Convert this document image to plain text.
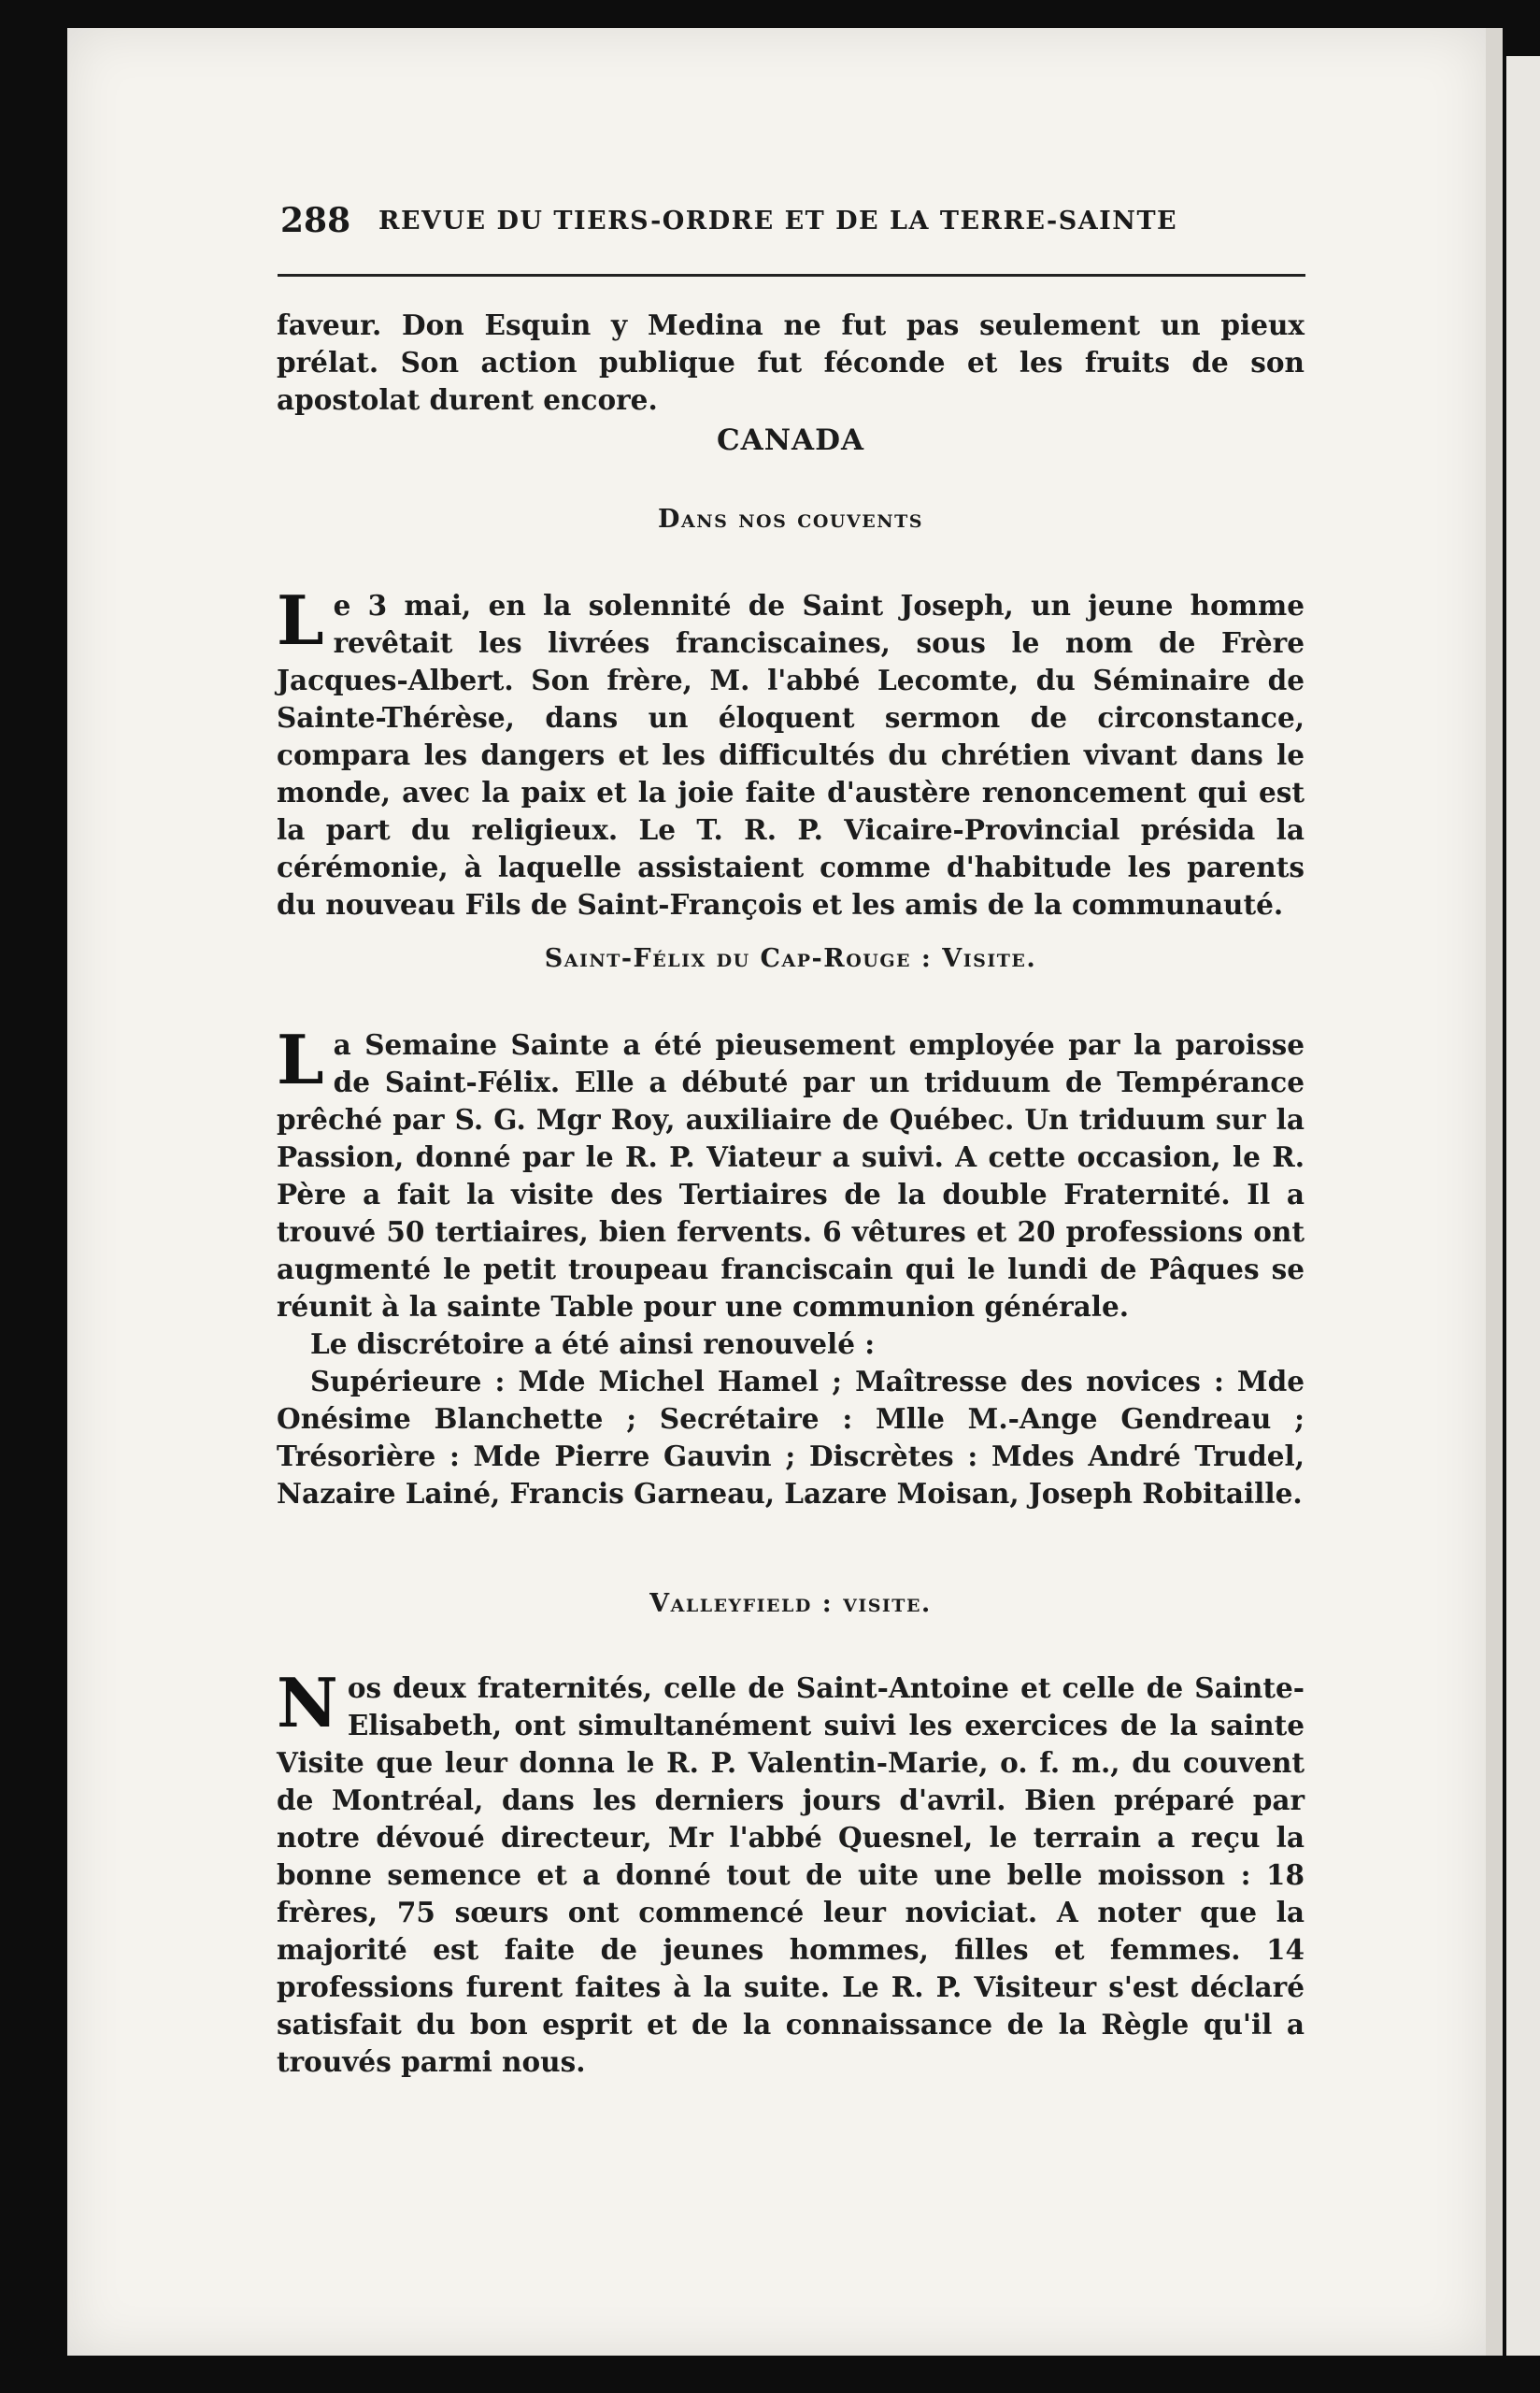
288 REVUE DU TIERS-ORDRE ET DE LA TERRE-SAINTE

faveur. Don Esquin y Medina ne fut pas seulement un pieux prélat. Son action publique fut féconde et les fruits de son apostolat durent encore.

CANADA
Dans nos couvents

Le 3 mai, en la solennité de Saint Joseph, un jeune homme revêtait les livrées franciscaines, sous le nom de Frère Jacques-Albert. Son frère, M. l'abbé Lecomte, du Séminaire de Sainte-Thérèse, dans un éloquent sermon de circonstance, compara les dangers et les difficultés du chrétien vivant dans le monde, avec la paix et la joie faite d'austère renoncement qui est la part du religieux. Le T. R. P. Vicaire-Provincial présida la cérémonie, à laquelle assistaient comme d'habitude les parents du nouveau Fils de Saint-François et les amis de la communauté.

Saint-Félix du Cap-Rouge : Visite.

La Semaine Sainte a été pieusement employée par la paroisse de Saint-Félix. Elle a débuté par un triduum de Tempérance prêché par S. G. Mgr Roy, auxiliaire de Québec. Un triduum sur la Passion, donné par le R. P. Viateur a suivi. A cette occasion, le R. Père a fait la visite des Tertiaires de la double Fraternité. Il a trouvé 50 tertiaires, bien fervents. 6 vêtures et 20 professions ont augmenté le petit troupeau franciscain qui le lundi de Pâques se réunit à la sainte Table pour une communion générale.

Le discrétoire a été ainsi renouvelé :

Supérieure : Mde Michel Hamel ; Maîtresse des novices : Mde Onésime Blanchette ; Secrétaire : Mlle M.-Ange Gendreau ; Trésorière : Mde Pierre Gauvin ; Discrètes : Mdes André Trudel, Nazaire Lainé, Francis Garneau, Lazare Moisan, Joseph Robitaille.

Valleyfield : visite.

Nos deux fraternités, celle de Saint-Antoine et celle de Sainte-Elisabeth, ont simultanément suivi les exercices de la sainte Visite que leur donna le R. P. Valentin-Marie, o. f. m., du couvent de Montréal, dans les derniers jours d'avril. Bien préparé par notre dévoué directeur, Mr l'abbé Quesnel, le terrain a reçu la bonne semence et a donné tout de uite une belle moisson : 18 frères, 75 sœurs ont commencé leur noviciat. A noter que la majorité est faite de jeunes hommes, filles et femmes. 14 professions furent faites à la suite. Le R. P. Visiteur s'est déclaré satisfait du bon esprit et de la connaissance de la Règle qu'il a trouvés parmi nous.
